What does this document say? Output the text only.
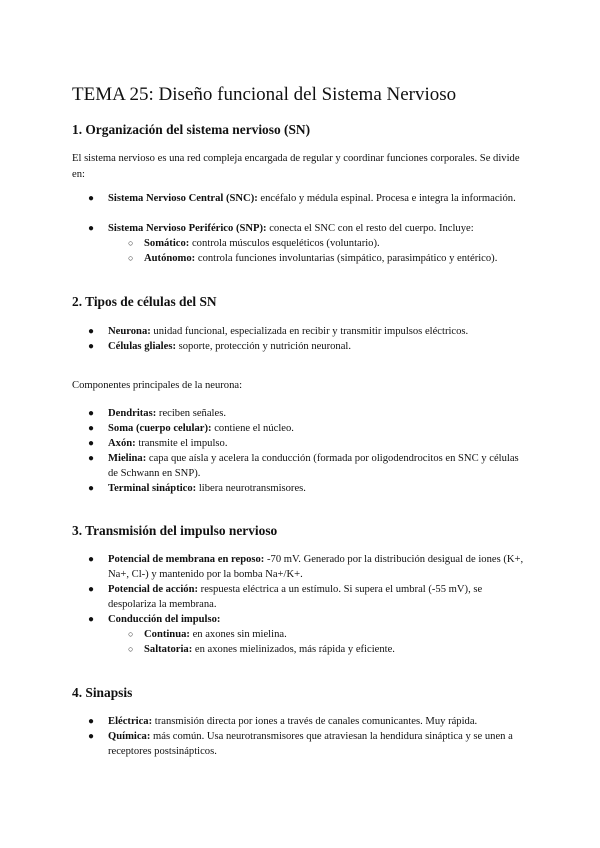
TEMA 25: Diseño funcional del Sistema Nervioso
1. Organización del sistema nervioso (SN)
El sistema nervioso es una red compleja encargada de regular y coordinar funciones corporales. Se divide en:
● Sistema Nervioso Central (SNC): encéfalo y médula espinal. Procesa e integra la información.
● Sistema Nervioso Periférico (SNP): conecta el SNC con el resto del cuerpo. Incluye:
○ Somático: controla músculos esqueléticos (voluntario).
○ Autónomo: controla funciones involuntarias (simpático, parasimpático y entérico).
2. Tipos de células del SN
● Neurona: unidad funcional, especializada en recibir y transmitir impulsos eléctricos.
● Células gliales: soporte, protección y nutrición neuronal.
Componentes principales de la neurona:
● Dendritas: reciben señales.
● Soma (cuerpo celular): contiene el núcleo.
● Axón: transmite el impulso.
● Mielina: capa que aísla y acelera la conducción (formada por oligodendrocitos en SNC y células de Schwann en SNP).
● Terminal sináptico: libera neurotransmisores.
3. Transmisión del impulso nervioso
● Potencial de membrana en reposo: -70 mV. Generado por la distribución desigual de iones (K+, Na+, Cl-) y mantenido por la bomba Na+/K+.
● Potencial de acción: respuesta eléctrica a un estímulo. Si supera el umbral (-55 mV), se despolariza la membrana.
● Conducción del impulso:
○ Continua: en axones sin mielina.
○ Saltatoria: en axones mielinizados, más rápida y eficiente.
4. Sinapsis
● Eléctrica: transmisión directa por iones a través de canales comunicantes. Muy rápida.
● Química: más común. Usa neurotransmisores que atraviesan la hendidura sináptica y se unen a receptores postsinápticos.
